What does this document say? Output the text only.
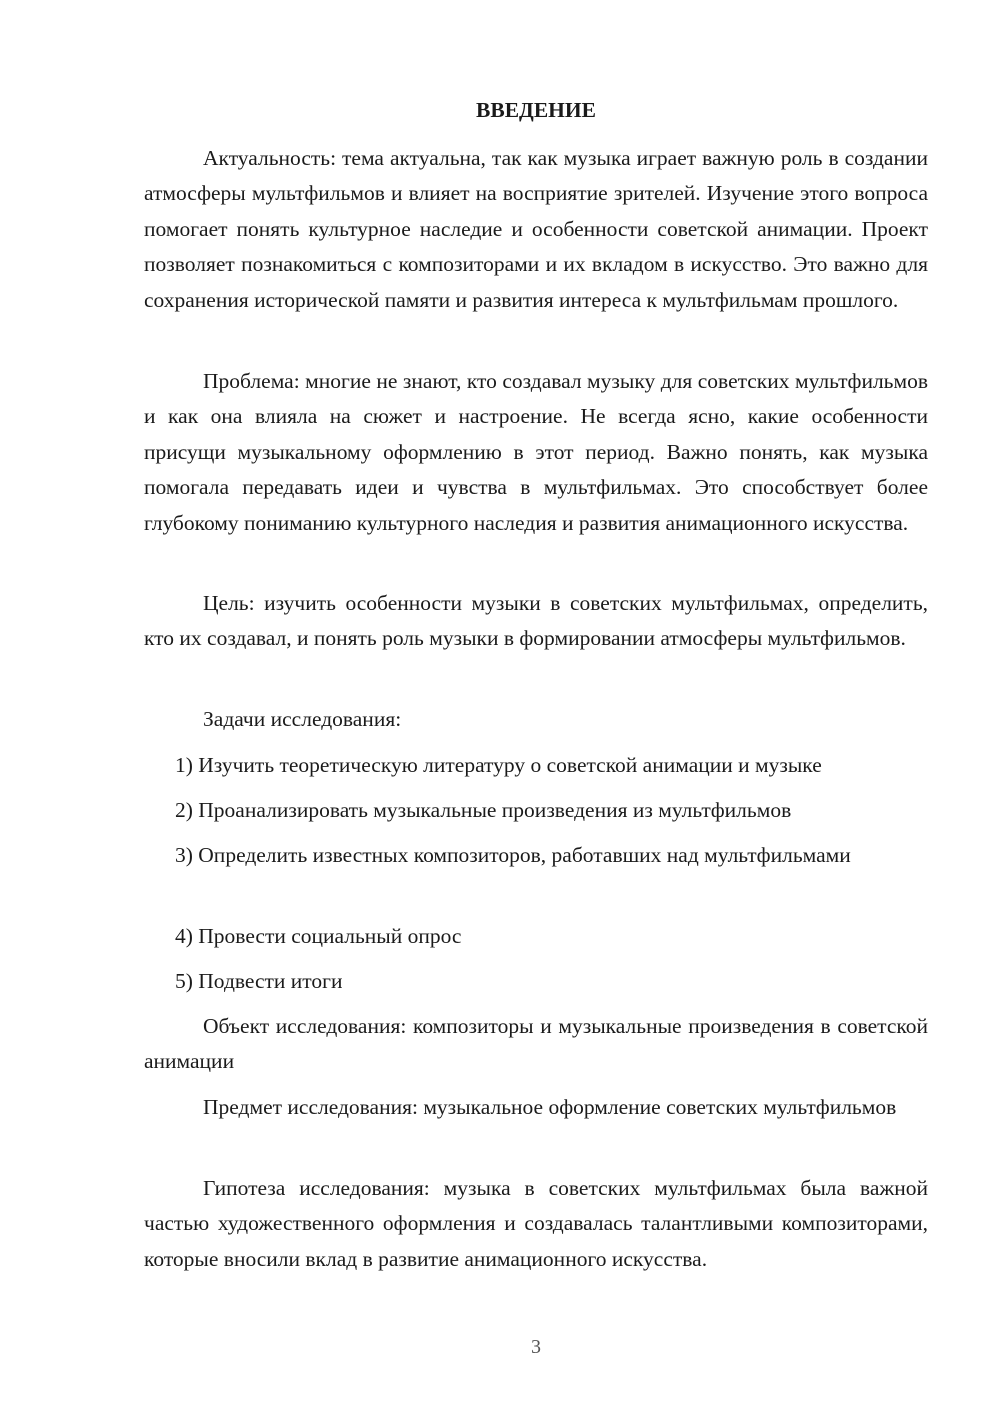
ВВЕДЕНИЕ

Актуальность: тема актуальна, так как музыка играет важную роль в создании атмосферы мультфильмов и влияет на восприятие зрителей. Изучение этого вопроса помогает понять культурное наследие и особенности советской анимации. Проект позволяет познакомиться с композиторами и их вкладом в искусство. Это важно для сохранения исторической памяти и развития интереса к мультфильмам прошлого.

Проблема: многие не знают, кто создавал музыку для советских мультфильмов и как она влияла на сюжет и настроение. Не всегда ясно, какие особенности присущи музыкальному оформлению в этот период. Важно понять, как музыка помогала передавать идеи и чувства в мультфильмах. Это способствует более глубокому пониманию культурного наследия и развития анимационного искусства.

Цель: изучить особенности музыки в советских мультфильмах, определить, кто их создавал, и понять роль музыки в формировании атмосферы мультфильмов.

Задачи исследования:

1) Изучить теоретическую литературу о советской анимации и музыке

2) Проанализировать музыкальные произведения из мультфильмов

3) Определить известных композиторов, работавших над мультфильмами

4) Провести социальный опрос

5) Подвести итоги

Объект исследования: композиторы и музыкальные произведения в советской анимации

Предмет исследования: музыкальное оформление советских мультфильмов

Гипотеза исследования: музыка в советских мультфильмах была важной частью художественного оформления и создавалась талантливыми композиторами, которые вносили вклад в развитие анимационного искусства.

3
